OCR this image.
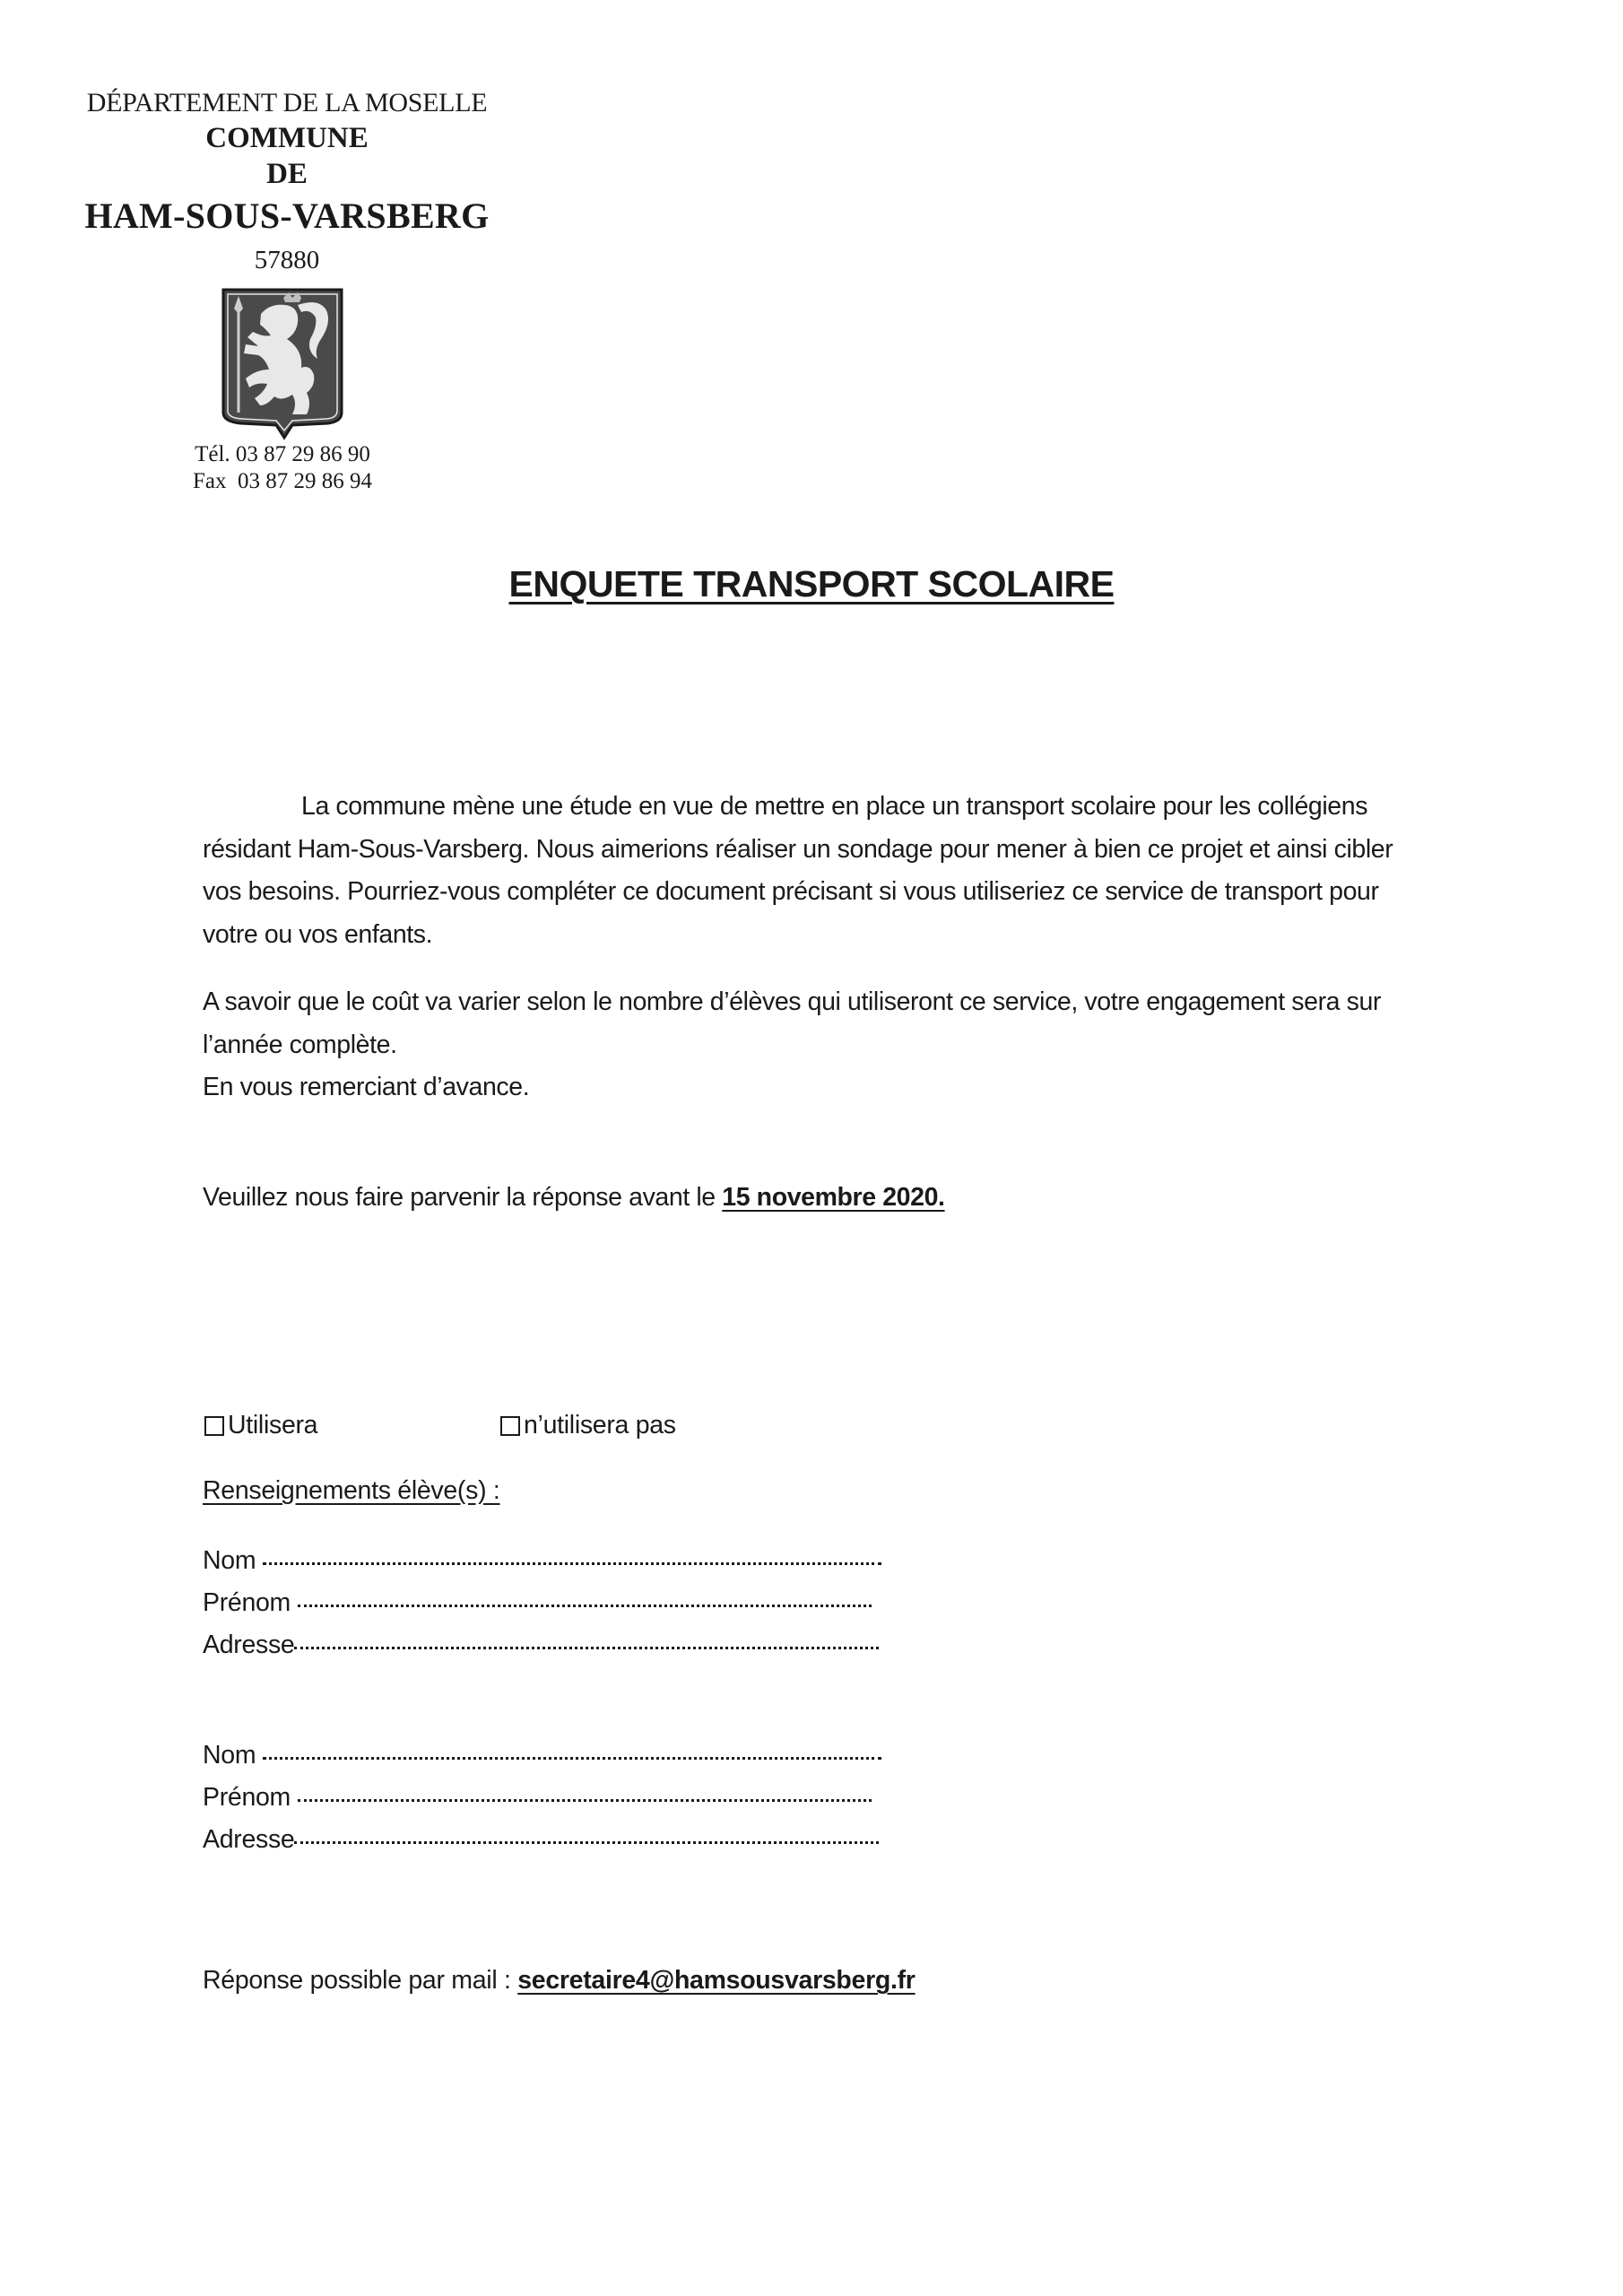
DÉPARTEMENT DE LA MOSELLE
COMMUNE
DE
HAM-SOUS-VARSBERG
57880
Tél. 03 87 29 86 90
Fax  03 87 29 86 94
ENQUETE TRANSPORT SCOLAIRE
La commune mène une étude en vue de mettre en place un transport scolaire pour les collégiens résidant Ham-Sous-Varsberg. Nous aimerions réaliser un sondage pour mener à bien ce projet et ainsi cibler vos besoins. Pourriez-vous compléter ce document précisant si vous utiliseriez ce service de transport pour votre ou vos enfants.
A savoir que le coût va varier selon le nombre d’élèves qui utiliseront ce service, votre engagement sera sur l’année complète.
En vous remerciant d’avance.
Veuillez nous faire parvenir la réponse avant le 15 novembre 2020.
Utilisera	n’utilisera pas
Renseignements élève(s) :
Nom
Prénom
Adresse
Nom
Prénom
Adresse
Réponse possible par mail : secretaire4@hamsousvarsberg.fr
